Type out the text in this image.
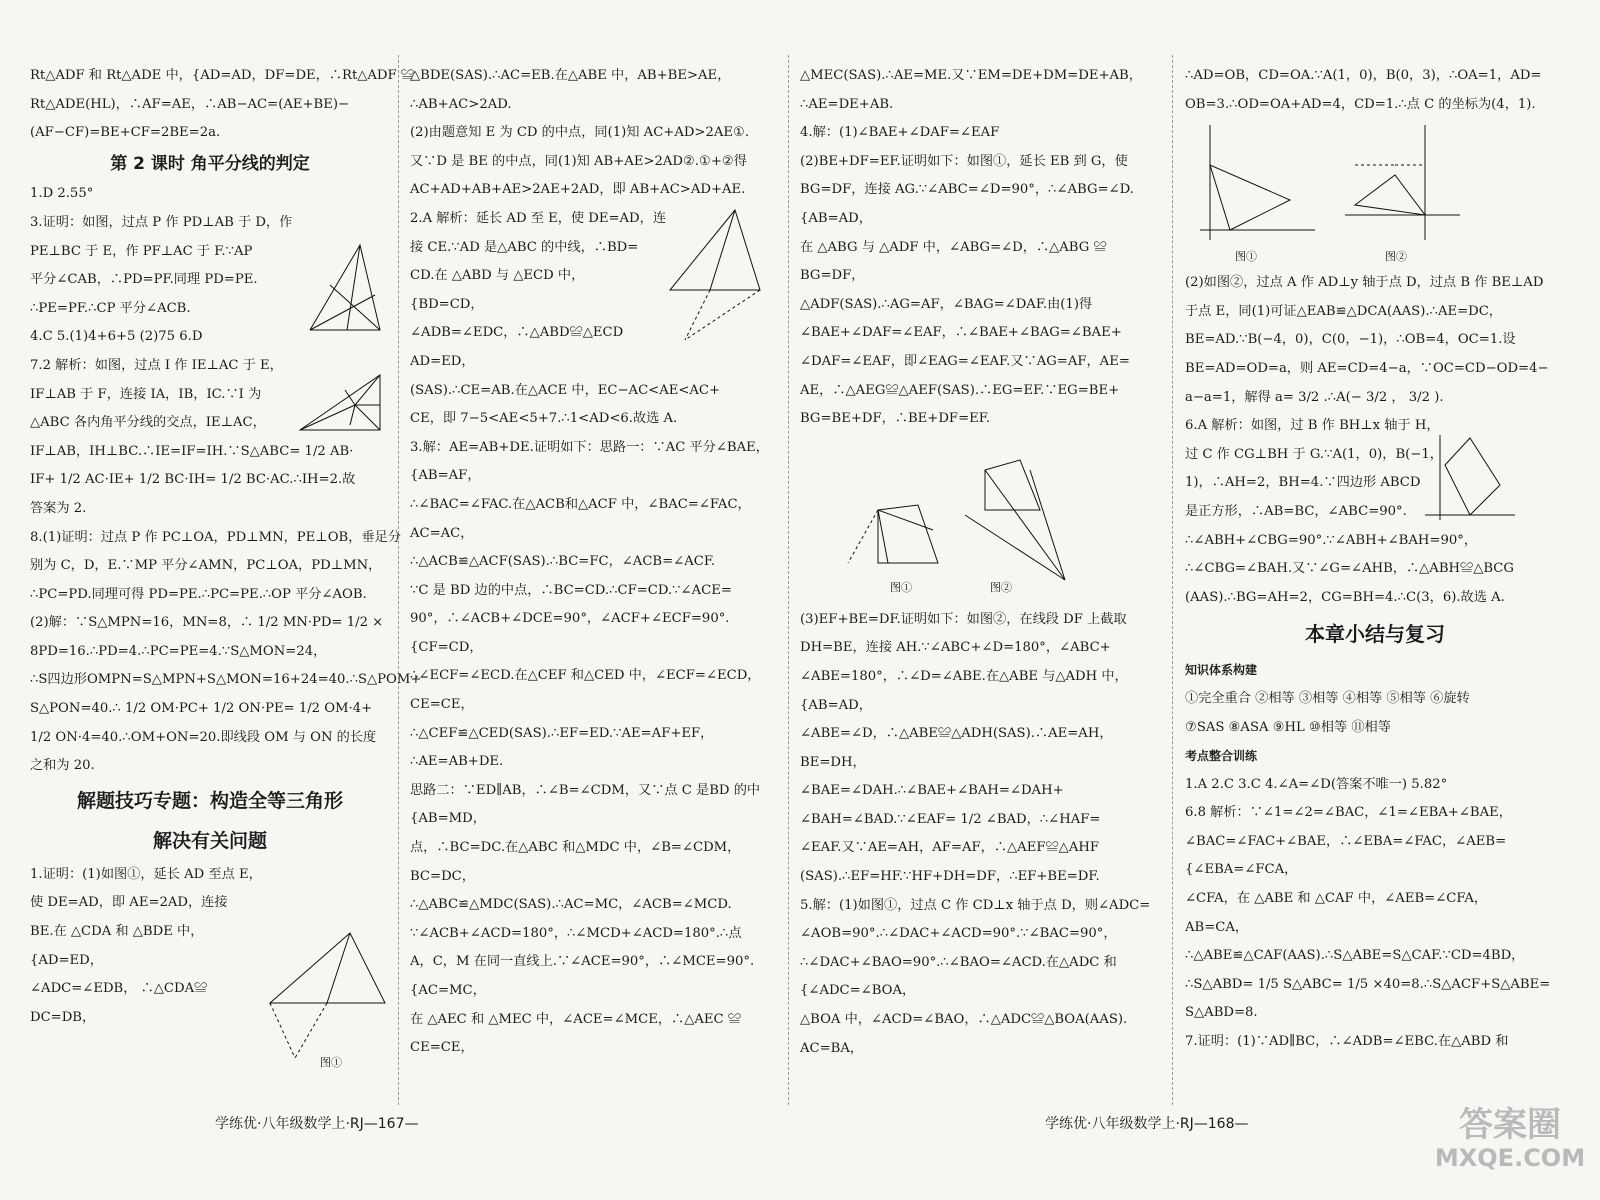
Rt△ADF 和 Rt△ADE 中，{AD=AD，DF=DE，∴Rt△ADF ≌

Rt△ADE(HL)，∴AF=AE，∴AB−AC=(AE+BE)−

(AF−CF)=BE+CF=2BE=2a.

第 2 课时 角平分线的判定

1.D 2.55°

3.证明：如图，过点 P 作 PD⊥AB 于 D，作

PE⊥BC 于 E，作 PF⊥AC 于 F.∵AP

平分∠CAB，∴PD=PF.同理 PD=PE.

∴PE=PF.∴CP 平分∠ACB.

4.C 5.(1)4+6+5 (2)75 6.D

7.2 解析：如图，过点 I 作 IE⊥AC 于 E，

IF⊥AB 于 F，连接 IA，IB，IC.∵I 为

△ABC 各内角平分线的交点，IE⊥AC，

IF⊥AB，IH⊥BC.∴IE=IF=IH.∵S△ABC= 1/2 AB·

IF+ 1/2 AC·IE+ 1/2 BC·IH= 1/2 BC·AC.∴IH=2.故

答案为 2.

8.(1)证明：过点 P 作 PC⊥OA，PD⊥MN，PE⊥OB，垂足分

别为 C，D，E.∵MP 平分∠AMN，PC⊥OA，PD⊥MN，

∴PC=PD.同理可得 PD=PE.∴PC=PE.∴OP 平分∠AOB.

(2)解：∵S△MPN=16，MN=8，∴ 1/2 MN·PD= 1/2 ×

8PD=16.∴PD=4.∴PC=PE=4.∵S△MON=24，

∴S四边形OMPN=S△MPN+S△MON=16+24=40.∴S△POM+

S△PON=40.∴ 1/2 OM·PC+ 1/2 ON·PE= 1/2 OM·4+

1/2 ON·4=40.∴OM+ON=20.即线段 OM 与 ON 的长度

之和为 20.

解题技巧专题：构造全等三角形

解决有关问题

1.证明：(1)如图①，延长 AD 至点 E，

使 DE=AD，即 AE=2AD，连接

BE.在 △CDA 和 △BDE 中，

{AD=ED，

∠ADC=∠EDB， ∴△CDA≌

DC=DB，

△BDE(SAS).∴AC=EB.在△ABE 中，AB+BE>AE，

∴AB+AC>2AD.

(2)由题意知 E 为 CD 的中点，同(1)知 AC+AD>2AE①.

又∵D 是 BE 的中点，同(1)知 AB+AE>2AD②.①+②得

AC+AD+AB+AE>2AE+2AD，即 AB+AC>AD+AE.

2.A 解析：延长 AD 至 E，使 DE=AD，连

接 CE.∵AD 是△ABC 的中线，∴BD=

CD.在 △ABD 与 △ECD 中，

{BD=CD，

∠ADB=∠EDC，∴△ABD≌△ECD

AD=ED，

(SAS).∴CE=AB.在△ACE 中，EC−AC<AE<AC+

CE，即 7−5<AE<5+7.∴1<AD<6.故选 A.

3.解：AE=AB+DE.证明如下：思路一：∵AC 平分∠BAE，

{AB=AF，

∴∠BAC=∠FAC.在△ACB和△ACF 中，∠BAC=∠FAC，

AC=AC，

∴△ACB≌△ACF(SAS).∴BC=FC，∠ACB=∠ACF.

∵C 是 BD 边的中点，∴BC=CD.∴CF=CD.∵∠ACE=

90°，∴∠ACB+∠DCE=90°，∠ACF+∠ECF=90°.

{CF=CD，

∴∠ECF=∠ECD.在△CEF 和△CED 中，∠ECF=∠ECD，

CE=CE，

∴△CEF≌△CED(SAS).∴EF=ED.∵AE=AF+EF，

∴AE=AB+DE.

思路二：∵ED∥AB，∴∠B=∠CDM，又∵点 C 是BD 的中

{AB=MD，

点，∴BC=DC.在△ABC 和△MDC 中，∠B=∠CDM，

BC=DC，

∴△ABC≌△MDC(SAS).∴AC=MC，∠ACB=∠MCD.

∵∠ACB+∠ACD=180°，∴∠MCD+∠ACD=180°.∴点

A，C，M 在同一直线上.∵∠ACE=90°，∴∠MCE=90°.

{AC=MC，

在 △AEC 和 △MEC 中，∠ACE=∠MCE，∴△AEC ≌

CE=CE，

△MEC(SAS).∴AE=ME.又∵EM=DE+DM=DE+AB，

∴AE=DE+AB.

4.解：(1)∠BAE+∠DAF=∠EAF

(2)BE+DF=EF.证明如下：如图①，延长 EB 到 G，使

BG=DF，连接 AG.∵∠ABC=∠D=90°，∴∠ABG=∠D.

{AB=AD，

在 △ABG 与 △ADF 中，∠ABG=∠D，∴△ABG ≌

BG=DF，

△ADF(SAS).∴AG=AF，∠BAG=∠DAF.由(1)得

∠BAE+∠DAF=∠EAF，∴∠BAE+∠BAG=∠BAE+

∠DAF=∠EAF，即∠EAG=∠EAF.又∵AG=AF，AE=

AE，∴△AEG≌△AEF(SAS).∴EG=EF.∵EG=BE+

BG=BE+DF，∴BE+DF=EF.

(3)EF+BE=DF.证明如下：如图②，在线段 DF 上截取

DH=BE，连接 AH.∵∠ABC+∠D=180°，∠ABC+

∠ABE=180°，∴∠D=∠ABE.在△ABE 与△ADH 中，

{AB=AD，

∠ABE=∠D，∴△ABE≌△ADH(SAS).∴AE=AH，

BE=DH，

∠BAE=∠DAH.∴∠BAE+∠BAH=∠DAH+

∠BAH=∠BAD.∵∠EAF= 1/2 ∠BAD，∴∠HAF=

∠EAF.又∵AE=AH，AF=AF，∴△AEF≌△AHF

(SAS).∴EF=HF.∵HF+DH=DF，∴EF+BE=DF.

5.解：(1)如图①，过点 C 作 CD⊥x 轴于点 D，则∠ADC=

∠AOB=90°.∴∠DAC+∠ACD=90°.∵∠BAC=90°，

∴∠DAC+∠BAO=90°.∴∠BAO=∠ACD.在△ADC 和

{∠ADC=∠BOA，

△BOA 中，∠ACD=∠BAO，∴△ADC≌△BOA(AAS).

AC=BA，

∴AD=OB，CD=OA.∵A(1，0)，B(0，3)，∴OA=1，AD=

OB=3.∴OD=OA+AD=4，CD=1.∴点 C 的坐标为(4，1).

(2)如图②，过点 A 作 AD⊥y 轴于点 D，过点 B 作 BE⊥AD

于点 E，同(1)可证△EAB≌△DCA(AAS).∴AE=DC，

BE=AD.∵B(−4，0)，C(0，−1)，∴OB=4，OC=1.设

BE=AD=OD=a，则 AE=CD=4−a，∵OC=CD−OD=4−

a−a=1，解得 a= 3/2 .∴A(− 3/2 ， 3/2 ).

6.A 解析：如图，过 B 作 BH⊥x 轴于 H，

过 C 作 CG⊥BH 于 G.∵A(1，0)，B(−1，

1)，∴AH=2，BH=4.∵四边形 ABCD

是正方形，∴AB=BC，∠ABC=90°.

∴∠ABH+∠CBG=90°.∵∠ABH+∠BAH=90°，

∴∠CBG=∠BAH.又∵∠G=∠AHB，∴△ABH≌△BCG

(AAS).∴BG=AH=2，CG=BH=4.∴C(3，6).故选 A.

本章小结与复习

知识体系构建

①完全重合 ②相等 ③相等 ④相等 ⑤相等 ⑥旋转

⑦SAS ⑧ASA ⑨HL ⑩相等 ⑪相等

考点整合训练

1.A 2.C 3.C 4.∠A=∠D(答案不唯一) 5.82°

6.8 解析：∵∠1=∠2=∠BAC，∠1=∠EBA+∠BAE，

∠BAC=∠FAC+∠BAE，∴∠EBA=∠FAC，∠AEB=

{∠EBA=∠FCA，

∠CFA，在 △ABE 和 △CAF 中，∠AEB=∠CFA，

AB=CA，

∴△ABE≌△CAF(AAS).∴S△ABE=S△CAF.∵CD=4BD，

∴S△ABD= 1/5 S△ABC= 1/5 ×40=8.∴S△ACF+S△ABE=

S△ABD=8.

7.证明：(1)∵AD∥BC，∴∠ADB=∠EBC.在△ABD 和

图①
图①	图②
图①	图②
学练优·八年级数学上·RJ—167—	学练优·八年级数学上·RJ—168—	答案圈
MXQE.COM
